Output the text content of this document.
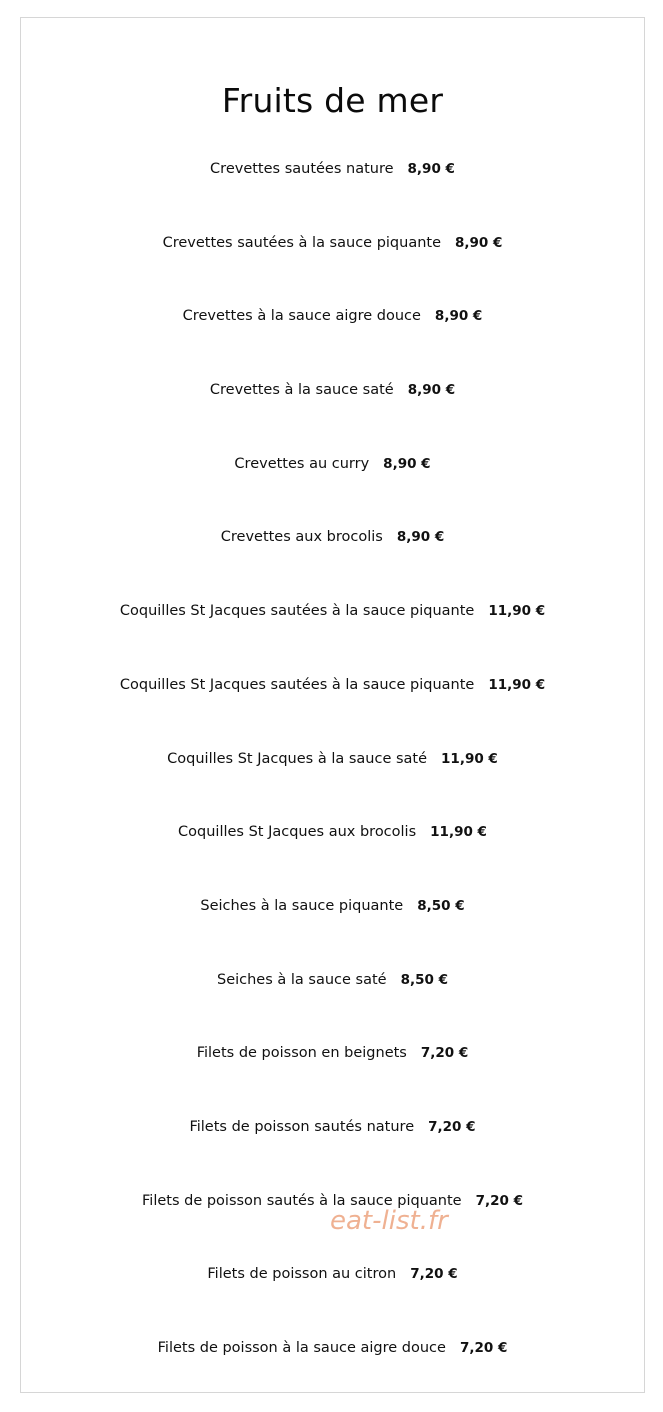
Fruits de mer
Crevettes sautées nature 8,90 €
Crevettes sautées à la sauce piquante 8,90 €
Crevettes à la sauce aigre douce 8,90 €
Crevettes à la sauce saté 8,90 €
Crevettes au curry 8,90 €
Crevettes aux brocolis 8,90 €
Coquilles St Jacques sautées à la sauce piquante 11,90 €
Coquilles St Jacques sautées à la sauce piquante 11,90 €
Coquilles St Jacques à la sauce saté 11,90 €
Coquilles St Jacques aux brocolis 11,90 €
Seiches à la sauce piquante 8,50 €
Seiches à la sauce saté 8,50 €
Filets de poisson en beignets 7,20 €
Filets de poisson sautés nature 7,20 €
Filets de poisson sautés à la sauce piquante 7,20 €
Filets de poisson au citron 7,20 €
Filets de poisson à la sauce aigre douce 7,20 €
eat-list.fr
